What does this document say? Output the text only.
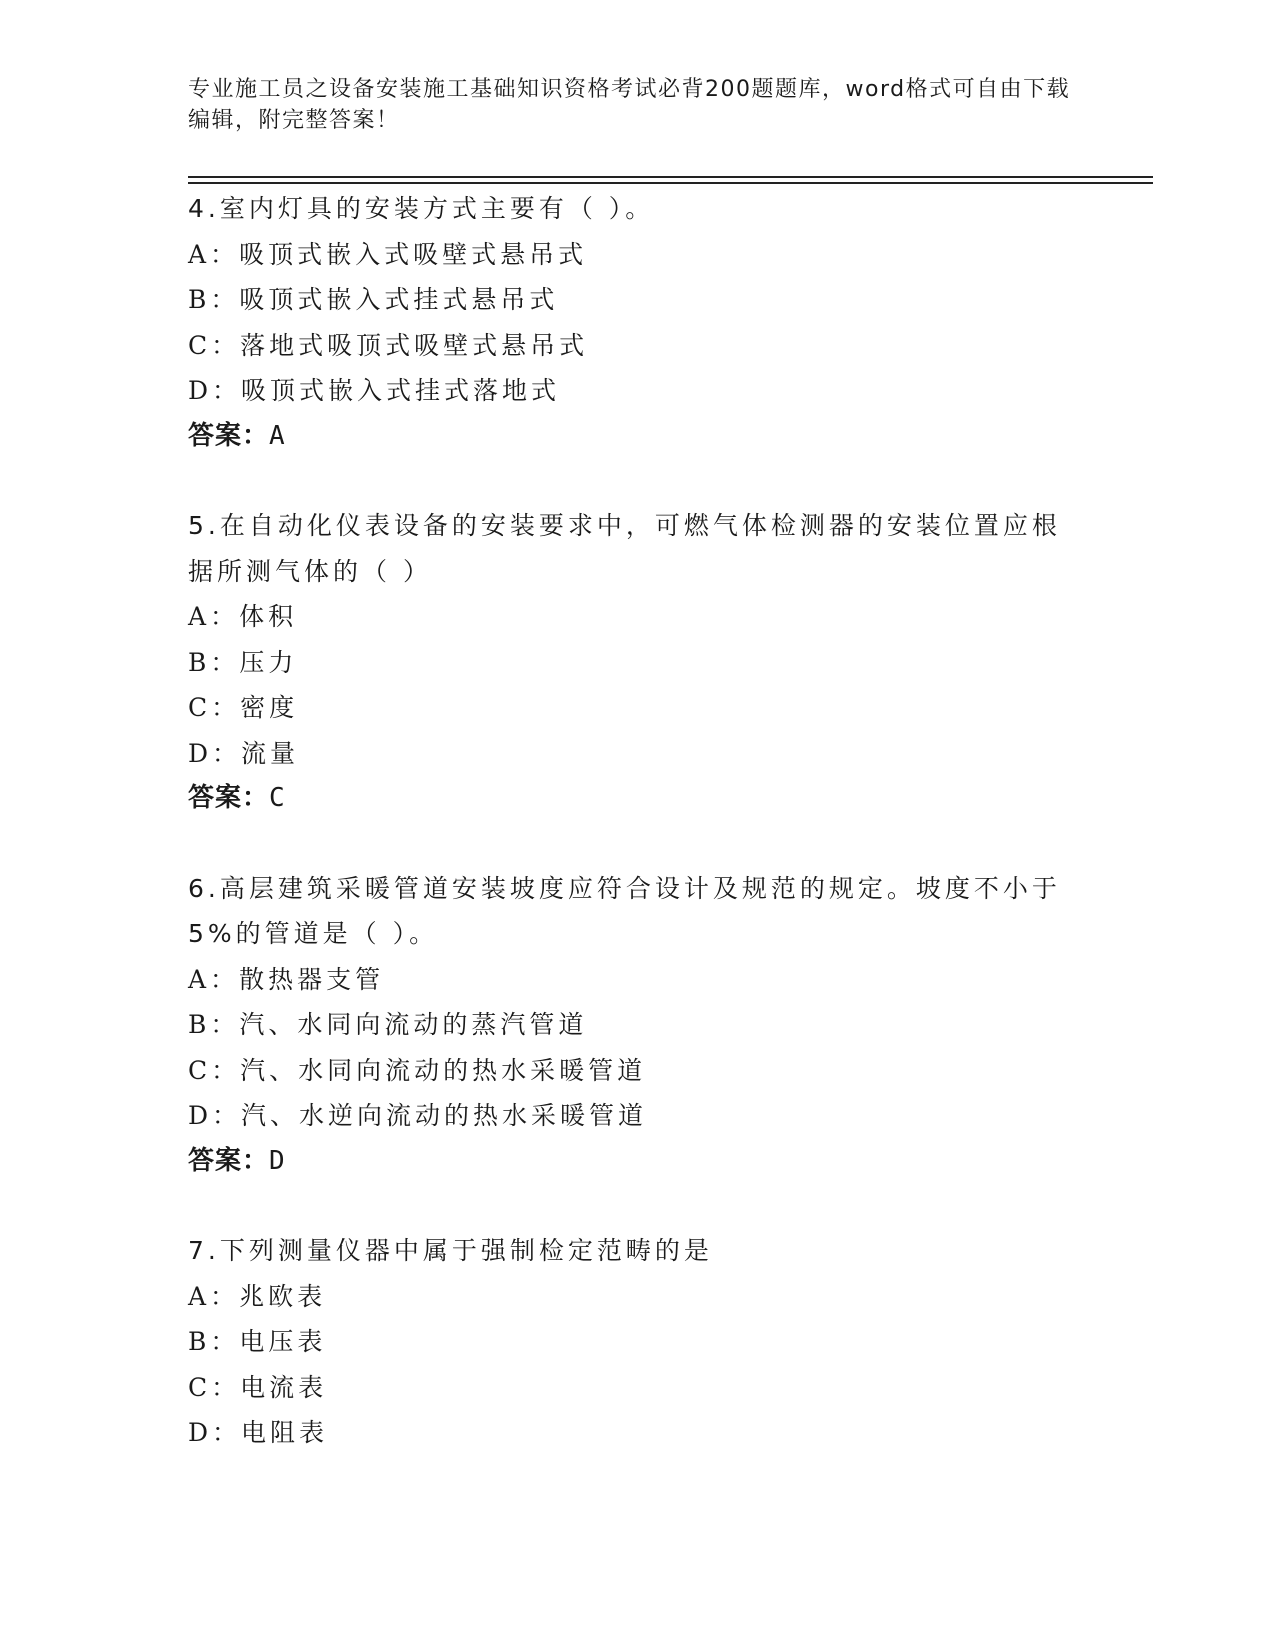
专业施工员之设备安装施工基础知识资格考试必背200题题库，word格式可自由下载编辑，附完整答案！
4.室内灯具的安装方式主要有（ ）。
A：吸顶式嵌入式吸壁式悬吊式
B：吸顶式嵌入式挂式悬吊式
C：落地式吸顶式吸壁式悬吊式
D：吸顶式嵌入式挂式落地式
答案：A
5.在自动化仪表设备的安装要求中，可燃气体检测器的安装位置应根据所测气体的（ ）
A：体积
B：压力
C：密度
D：流量
答案：C
6.高层建筑采暖管道安装坡度应符合设计及规范的规定。坡度不小于5%的管道是（ ）。
A：散热器支管
B：汽、水同向流动的蒸汽管道
C：汽、水同向流动的热水采暖管道
D：汽、水逆向流动的热水采暖管道
答案：D
7.下列测量仪器中属于强制检定范畴的是
A：兆欧表
B：电压表
C：电流表
D：电阻表
